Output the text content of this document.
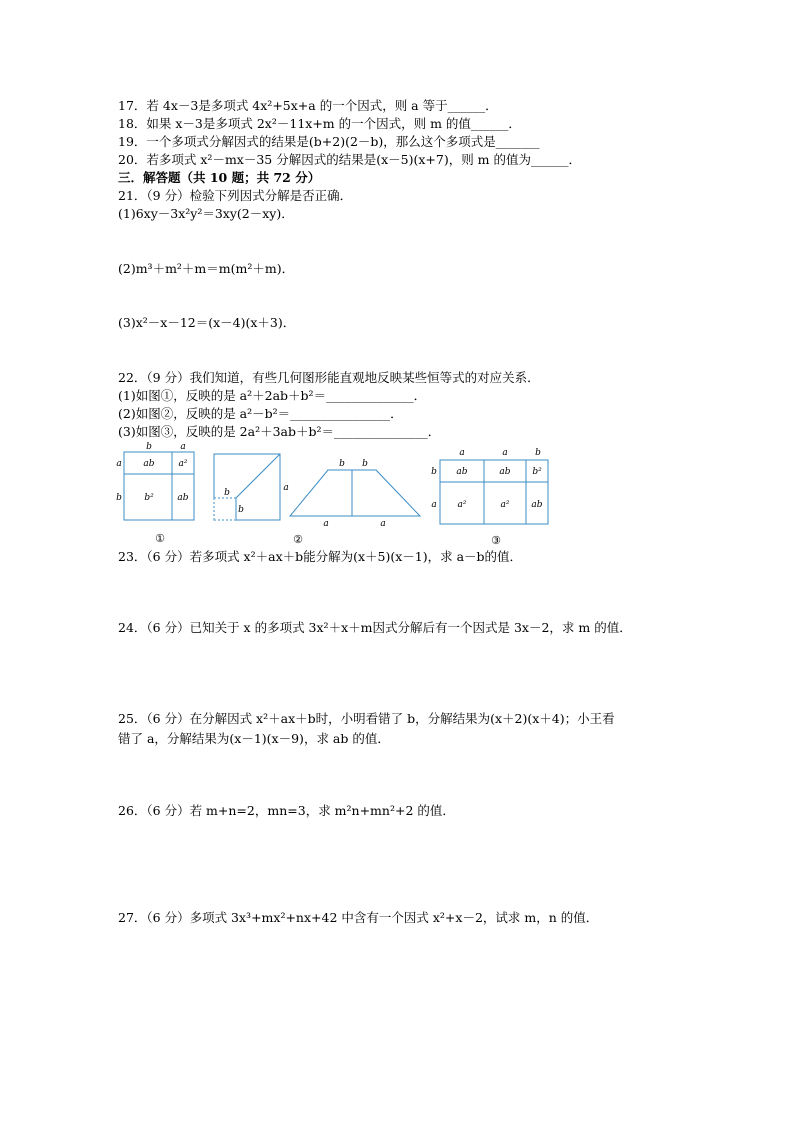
17．若 4x－3是多项式 4x²+5x+a 的一个因式，则 a 等于______．
18．如果 x－3是多项式 2x²－11x+m 的一个因式，则 m 的值______．
19．一个多项式分解因式的结果是(b+2)(2－b)，那么这个多项式是_______
20．若多项式 x²－mx－35 分解因式的结果是(x－5)(x+7)，则 m 的值为______．
三．解答题（共 10 题；共 72 分）
21．（9 分）检验下列因式分解是否正确．
(1)6xy－3x²y²＝3xy(2－xy)．
(2)m³＋m²＋m＝m(m²＋m)．
(3)x²－x－12＝(x－4)(x＋3)．
22．（9 分）我们知道，有些几何图形能直观地反映某些恒等式的对应关系．
(1)如图①，反映的是 a²＋2ab＋b²＝______________．
(2)如图②，反映的是 a²－b²＝________________．
(3)如图③，反映的是 2a²＋3ab＋b²＝_______________．
b	a
a
b
ab	a²
b²	ab
①
b
b
a
b b
a	a
②
a	a	b
b
a
ab	ab b²
a²	a² ab
③
23．（6 分）若多项式 x²＋ax＋b能分解为(x＋5)(x－1)，求 a－b的值．
24．（6 分）已知关于 x 的多项式 3x²＋x＋m因式分解后有一个因式是 3x－2，求 m 的值．
25．（6 分）在分解因式 x²＋ax＋b时，小明看错了 b，分解结果为(x＋2)(x＋4)；小王看
错了 a，分解结果为(x－1)(x－9)，求 ab 的值．
26．（6 分）若 m+n=2，mn=3，求 m²n+mn²+2 的值．
27．（6 分）多项式 3x³+mx²+nx+42 中含有一个因式 x²+x－2，试求 m，n 的值．
